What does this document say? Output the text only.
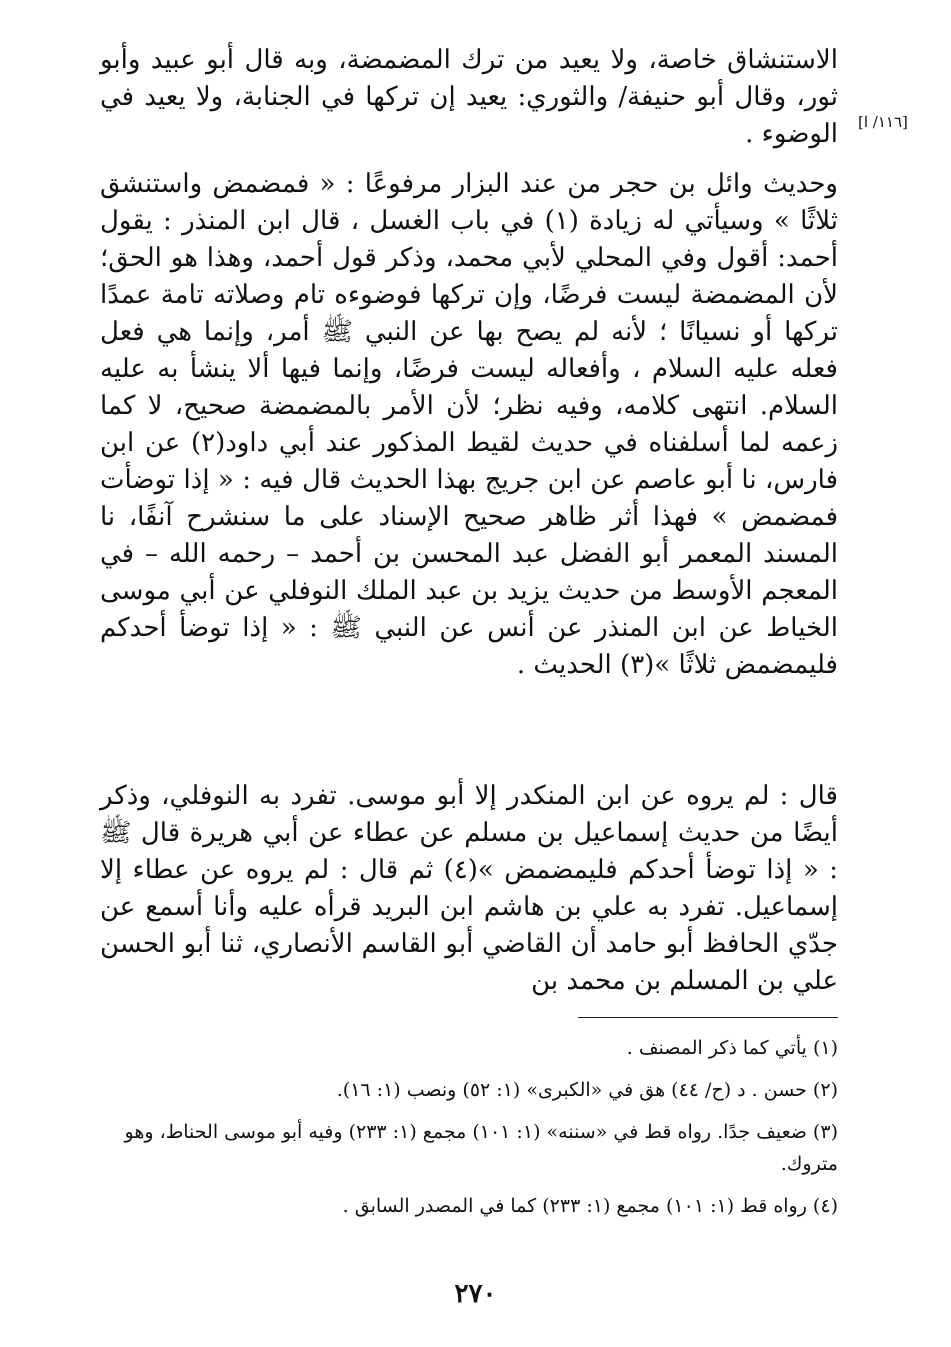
[١١٦/ ا]

الاستنشاق خاصة، ولا يعيد من ترك المضمضة، وبه قال أبو عبيد وأبو ثور، وقال أبو حنيفة/ والثوري: يعيد إن تركها في الجنابة، ولا يعيد في الوضوء .

وحديث وائل بن حجر من عند البزار مرفوعًا : « فمضمض واستنشق ثلاثًا » وسيأتي له زيادة (١) في باب الغسل ، قال ابن المنذر : يقول أحمد: أقول وفي المحلي لأبي محمد، وذكر قول أحمد، وهذا هو الحق؛ لأن المضمضة ليست فرضًا، وإن تركها فوضوءه تام وصلاته تامة عمدًا تركها أو نسيانًا ؛ لأنه لم يصح بها عن النبي ﷺ أمر، وإنما هي فعل فعله عليه السلام ، وأفعاله ليست فرضًا، وإنما فيها ألا ينشأ به عليه السلام. انتهى كلامه، وفيه نظر؛ لأن الأمر بالمضمضة صحيح، لا كما زعمه لما أسلفناه في حديث لقيط المذكور عند أبي داود(٢) عن ابن فارس، نا أبو عاصم عن ابن جريج بهذا الحديث قال فيه : « إذا توضأت فمضمض » فهذا أثر ظاهر صحيح الإسناد على ما سنشرح آنفًا، نا المسند المعمر أبو الفضل عبد المحسن بن أحمد – رحمه الله – في المعجم الأوسط من حديث يزيد بن عبد الملك النوفلي عن أبي موسى الخياط عن ابن المنذر عن أنس عن النبي ﷺ : « إذا توضأ أحدكم فليمضمض ثلاثًا »(٣) الحديث .

قال : لم يروه عن ابن المنكدر إلا أبو موسى. تفرد به النوفلي، وذكر أيضًا من حديث إسماعيل بن مسلم عن عطاء عن أبي هريرة قال ﷺ : « إذا توضأ أحدكم فليمضمض »(٤) ثم قال : لم يروه عن عطاء إلا إسماعيل. تفرد به علي بن هاشم ابن البريد قرأه عليه وأنا أسمع عن جدّي الحافظ أبو حامد أن القاضي أبو القاسم الأنصاري، ثنا أبو الحسن علي بن المسلم بن محمد بن

(١) يأتي كما ذكر المصنف .

(٢) حسن . د (ح/ ٤٤) هق في «الكبرى» (١: ٥٢) ونصب (١: ١٦).

(٣) ضعيف جدًا. رواه قط في «سننه» (١: ١٠١) مجمع (١: ٢٣٣) وفيه أبو موسى الحناط، وهو متروك.

(٤) رواه قط (١: ١٠١) مجمع (١: ٢٣٣) كما في المصدر السابق .

٢٧٠
